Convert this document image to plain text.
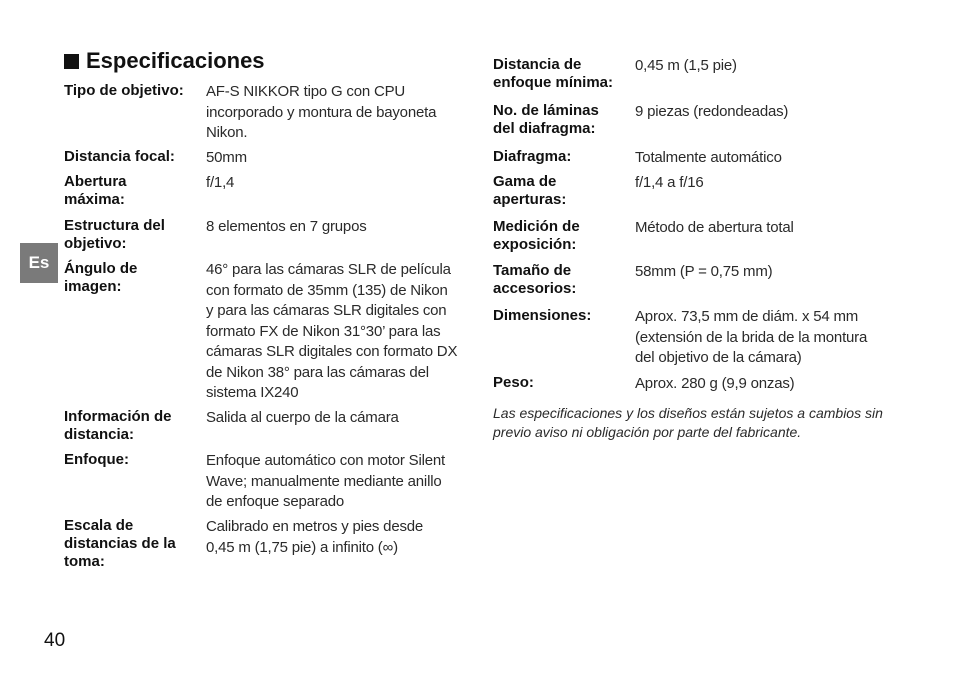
Es
Especificaciones
Tipo de objetivo:	AF-S NIKKOR tipo G con CPU incorporado y montura de bayoneta Nikon.
Distancia focal:	50mm
Abertura máxima:
f/1,4
Estructura del objetivo:
8 elementos en 7 grupos
Ángulo de imagen:
46° para las cámaras SLR de película con formato de 35mm (135) de Nikon y para las cámaras SLR digitales con formato FX de Nikon 31°30’ para las cámaras SLR digitales con formato DX de Nikon 38° para las cámaras del sistema IX240
Información de distancia:
Salida al cuerpo de la cámara
Enfoque:	Enfoque automático con motor Silent Wave; manualmente mediante anillo de enfoque separado
Escala de distancias de la toma:
Calibrado en metros y pies desde 0,45 m (1,75 pie) a infinito (∞)
Distancia de enfoque mínima:
0,45 m (1,5 pie)
No. de láminas del diafragma:
9 piezas (redondeadas)
Diafragma:	Totalmente automático
Gama de aperturas:
f/1,4 a f/16
Medición de exposición:
Método de abertura total
Tamaño de accesorios:
58mm (P = 0,75 mm)
Dimensiones:	Aprox. 73,5 mm de diám. x 54 mm (extensión de la brida de la montura del objetivo de la cámara)
Peso:	Aprox. 280 g (9,9 onzas)
Las especificaciones y los diseños están sujetos a cambios sin previo aviso ni obligación por parte del fabricante.
40
